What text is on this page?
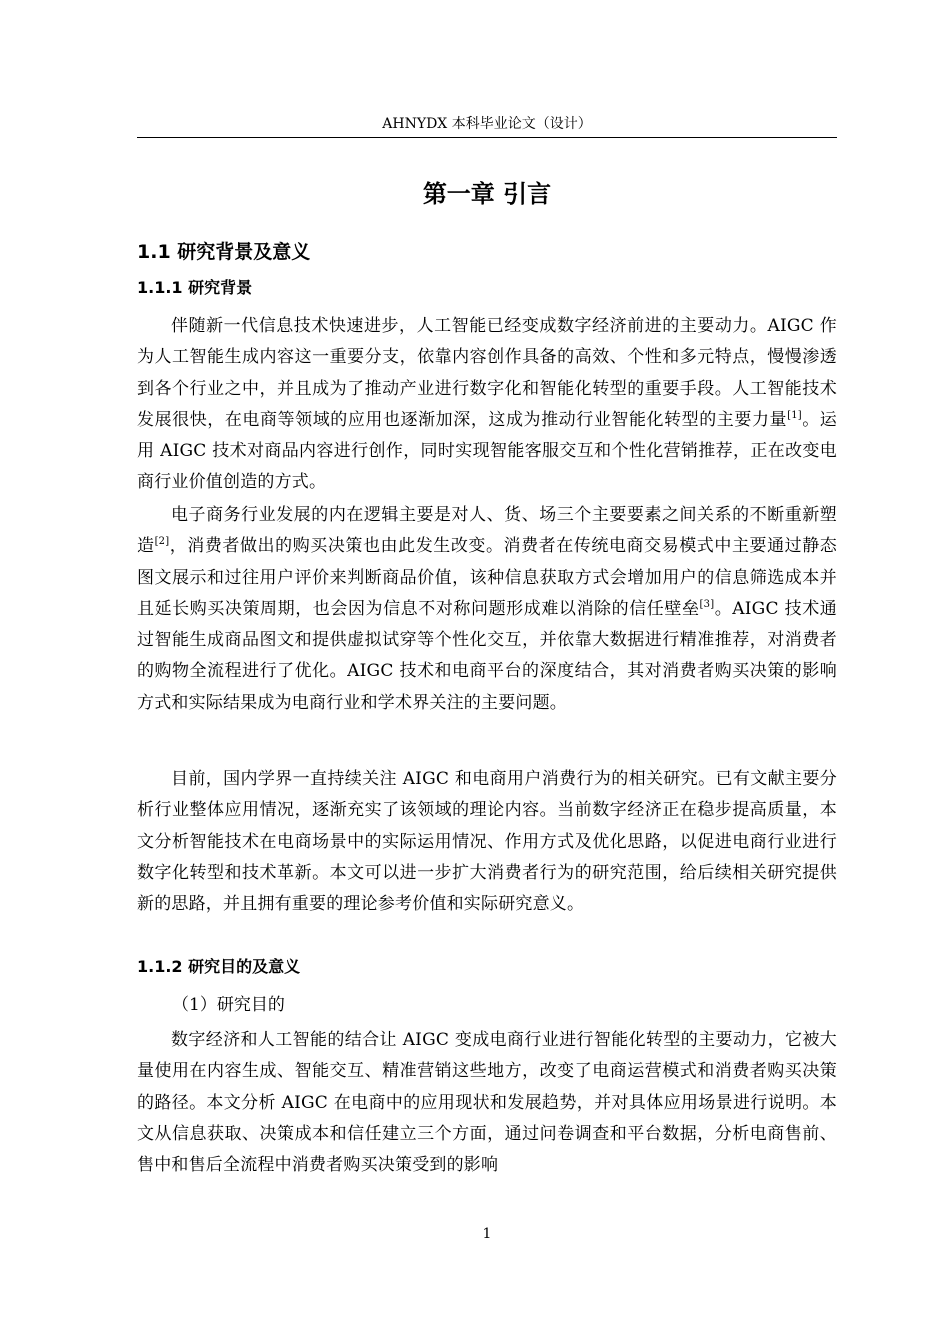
AHNYDX 本科毕业论文（设计）
第一章 引言
1.1 研究背景及意义
1.1.1 研究背景

伴随新一代信息技术快速进步，人工智能已经变成数字经济前进的主要动力。AIGC 作为人工智能生成内容这一重要分支，依靠内容创作具备的高效、个性和多元特点，慢慢渗透到各个行业之中，并且成为了推动产业进行数字化和智能化转型的重要手段。人工智能技术发展很快，在电商等领域的应用也逐渐加深，这成为推动行业智能化转型的主要力量[1]。运用 AIGC 技术对商品内容进行创作，同时实现智能客服交互和个性化营销推荐，正在改变电商行业价值创造的方式。

电子商务行业发展的内在逻辑主要是对人、货、场三个主要要素之间关系的不断重新塑造[2]，消费者做出的购买决策也由此发生改变。消费者在传统电商交易模式中主要通过静态图文展示和过往用户评价来判断商品价值，该种信息获取方式会增加用户的信息筛选成本并且延长购买决策周期，也会因为信息不对称问题形成难以消除的信任壁垒[3]。AIGC 技术通过智能生成商品图文和提供虚拟试穿等个性化交互，并依靠大数据进行精准推荐，对消费者的购物全流程进行了优化。AIGC 技术和电商平台的深度结合，其对消费者购买决策的影响方式和实际结果成为电商行业和学术界关注的主要问题。

目前，国内学界一直持续关注 AIGC 和电商用户消费行为的相关研究。已有文献主要分析行业整体应用情况，逐渐充实了该领域的理论内容。当前数字经济正在稳步提高质量，本文分析智能技术在电商场景中的实际运用情况、作用方式及优化思路，以促进电商行业进行数字化转型和技术革新。本文可以进一步扩大消费者行为的研究范围，给后续相关研究提供新的思路，并且拥有重要的理论参考价值和实际研究意义。

1.1.2 研究目的及意义
（1）研究目的

数字经济和人工智能的结合让 AIGC 变成电商行业进行智能化转型的主要动力，它被大量使用在内容生成、智能交互、精准营销这些地方，改变了电商运营模式和消费者购买决策的路径。本文分析 AIGC 在电商中的应用现状和发展趋势，并对具体应用场景进行说明。本文从信息获取、决策成本和信任建立三个方面，通过问卷调查和平台数据，分析电商售前、售中和售后全流程中消费者购买决策受到的影响

1
